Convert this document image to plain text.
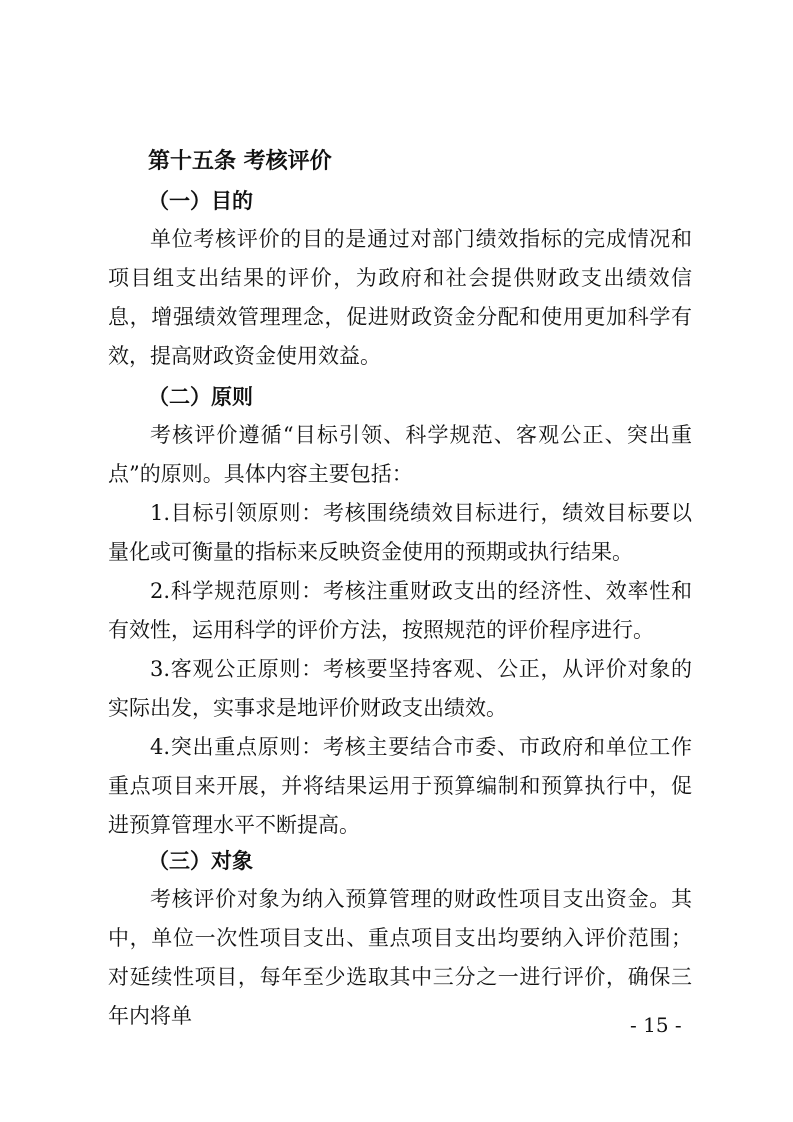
第十五条 考核评价
（一）目的

单位考核评价的目的是通过对部门绩效指标的完成情况和项目组支出结果的评价，为政府和社会提供财政支出绩效信息，增强绩效管理理念，促进财政资金分配和使用更加科学有效，提高财政资金使用效益。

（二）原则

考核评价遵循“目标引领、科学规范、客观公正、突出重点”的原则。具体内容主要包括：

1.目标引领原则：考核围绕绩效目标进行，绩效目标要以量化或可衡量的指标来反映资金使用的预期或执行结果。

2.科学规范原则：考核注重财政支出的经济性、效率性和有效性，运用科学的评价方法，按照规范的评价程序进行。

3.客观公正原则：考核要坚持客观、公正，从评价对象的实际出发，实事求是地评价财政支出绩效。

4.突出重点原则：考核主要结合市委、市政府和单位工作重点项目来开展，并将结果运用于预算编制和预算执行中，促进预算管理水平不断提高。

（三）对象

考核评价对象为纳入预算管理的财政性项目支出资金。其中，单位一次性项目支出、重点项目支出均要纳入评价范围；对延续性项目，每年至少选取其中三分之一进行评价，确保三年内将单	- 15 -
